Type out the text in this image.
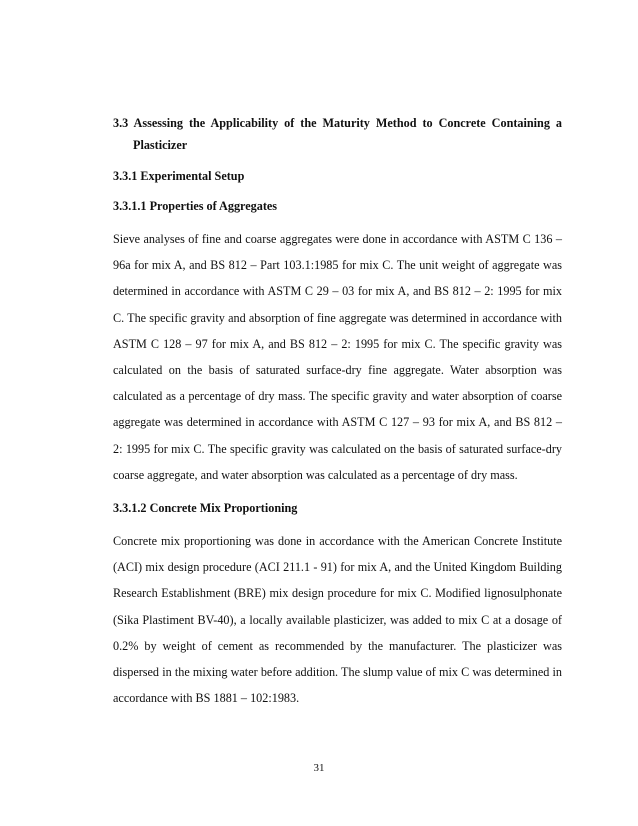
3.3 Assessing the Applicability of the Maturity Method to Concrete Containing a

Plasticizer

3.3.1 Experimental Setup

3.3.1.1 Properties of Aggregates

Sieve analyses of fine and coarse aggregates were done in accordance with ASTM C 136 – 96a for mix A, and BS 812 – Part 103.1:1985 for mix C. The unit weight of aggregate was determined in accordance with ASTM C 29 – 03 for mix A, and BS 812 – 2: 1995 for mix C. The specific gravity and absorption of fine aggregate was determined in accordance with ASTM C 128 – 97 for mix A, and BS 812 – 2: 1995 for mix C. The specific gravity was calculated on the basis of saturated surface-dry fine aggregate. Water absorption was calculated as a percentage of dry mass. The specific gravity and water absorption of coarse aggregate was determined in accordance with ASTM C 127 – 93 for mix A, and BS 812 – 2: 1995 for mix C. The specific gravity was calculated on the basis of saturated surface-dry coarse aggregate, and water absorption was calculated as a percentage of dry mass.

3.3.1.2 Concrete Mix Proportioning

Concrete mix proportioning was done in accordance with the American Concrete Institute (ACI) mix design procedure (ACI 211.1 - 91) for mix A, and the United Kingdom Building Research Establishment (BRE) mix design procedure for mix C. Modified lignosulphonate (Sika Plastiment BV-40), a locally available plasticizer, was added to mix C at a dosage of 0.2% by weight of cement as recommended by the manufacturer. The plasticizer was dispersed in the mixing water before addition. The slump value of mix C was determined in accordance with BS 1881 – 102:1983.

31
